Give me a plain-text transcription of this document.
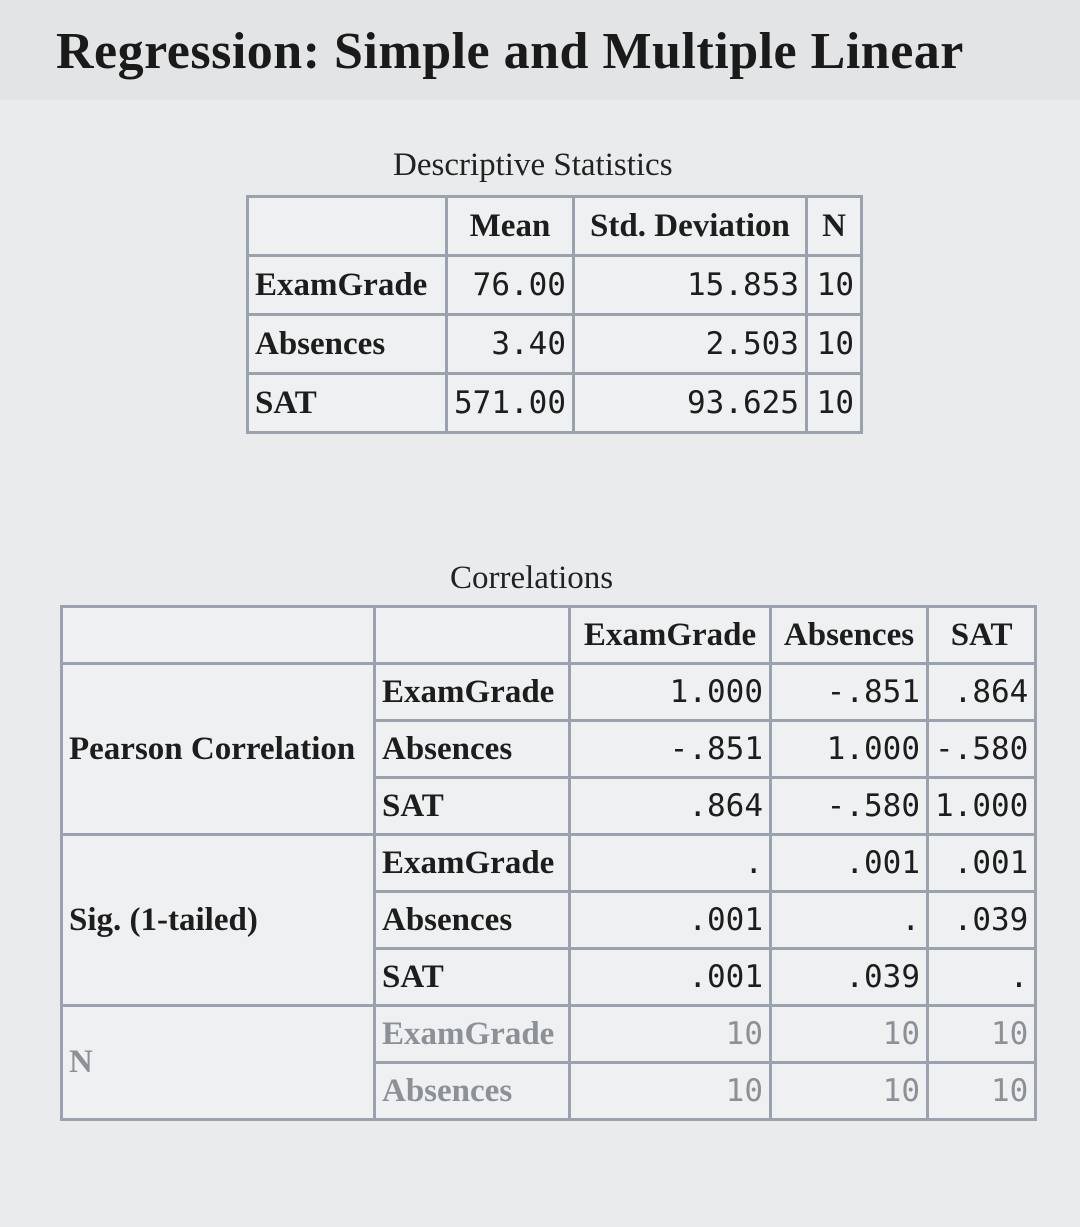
Regression: Simple and Multiple Linear
Descriptive Statistics
	Mean	Std. Deviation	N
ExamGrade	76.00	15.853	10
Absences	3.40	2.503	10
SAT	571.00	93.625	10
Correlations
		ExamGrade	Absences	SAT
Pearson Correlation	ExamGrade	1.000	-.851	.864
	Absences	-.851	1.000	-.580
	SAT	.864	-.580	1.000
Sig. (1-tailed)	ExamGrade	.	.001	.001
	Absences	.001	.	.039
	SAT	.001	.039	.
N	ExamGrade	10	10	10
	Absences	10	10	10
